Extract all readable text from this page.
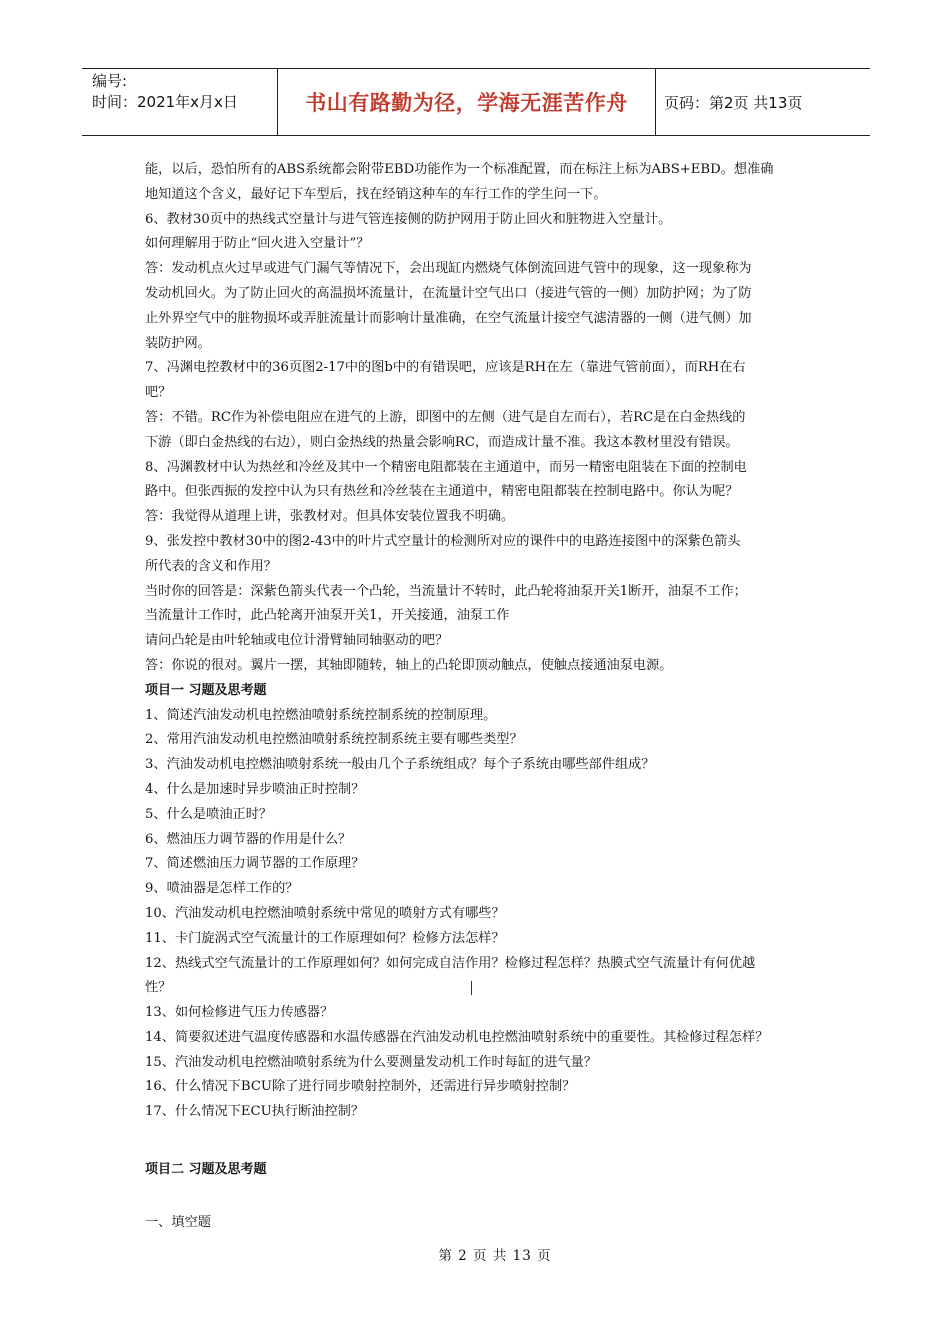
编号:
时间：2021年x月x日	书山有路勤为径，学海无涯苦作舟	页码：第2页 共13页

能，以后，恐怕所有的ABS系统都会附带EBD功能作为一个标准配置，而在标注上标为ABS+EBD。想准确

地知道这个含义，最好记下车型后，找在经销这种车的车行工作的学生问一下。

6、教材30页中的热线式空量计与进气管连接侧的防护网用于防止回火和脏物进入空量计。

如何理解用于防止“回火进入空量计”？

答：发动机点火过早或进气门漏气等情况下，会出现缸内燃烧气体倒流回进气管中的现象，这一现象称为

发动机回火。为了防止回火的高温损坏流量计，在流量计空气出口（接进气管的一侧）加防护网；为了防

止外界空气中的脏物损坏或弄脏流量计而影响计量准确，在空气流量计接空气滤清器的一侧（进气侧）加

装防护网。

7、冯渊电控教材中的36页图2-17中的图b中的有错误吧，应该是RH在左（靠进气管前面），而RH在右

吧？

答：不错。RC作为补偿电阻应在进气的上游，即图中的左侧（进气是自左而右），若RC是在白金热线的

下游（即白金热线的右边），则白金热线的热量会影响RC，而造成计量不准。我这本教材里没有错误。

8、冯渊教材中认为热丝和冷丝及其中一个精密电阻都装在主通道中，而另一精密电阻装在下面的控制电

路中。但张西振的发控中认为只有热丝和冷丝装在主通道中，精密电阻都装在控制电路中。你认为呢？

答：我觉得从道理上讲，张教材对。但具体安装位置我不明确。

9、张发控中教材30中的图2-43中的叶片式空量计的检测所对应的课件中的电路连接图中的深紫色箭头

所代表的含义和作用？

当时你的回答是：深紫色箭头代表一个凸轮，当流量计不转时，此凸轮将油泵开关1断开，油泵不工作；

当流量计工作时，此凸轮离开油泵开关1，开关接通，油泵工作

请问凸轮是由叶轮轴或电位计滑臂轴同轴驱动的吧？

答：你说的很对。翼片一摆，其轴即随转，轴上的凸轮即顶动触点，使触点接通油泵电源。

项目一 习题及思考题

1、简述汽油发动机电控燃油喷射系统控制系统的控制原理。

2、常用汽油发动机电控燃油喷射系统控制系统主要有哪些类型？

3、汽油发动机电控燃油喷射系统一般由几个子系统组成？每个子系统由哪些部件组成？

4、什么是加速时异步喷油正时控制？

5、什么是喷油正时？

6、燃油压力调节器的作用是什么？

7、简述燃油压力调节器的工作原理？

9、喷油器是怎样工作的？

10、汽油发动机电控燃油喷射系统中常见的喷射方式有哪些？

11、卡门旋涡式空气流量计的工作原理如何？检修方法怎样？

12、热线式空气流量计的工作原理如何？如何完成自洁作用？检修过程怎样？热膜式空气流量计有何优越

性？

13、如何检修进气压力传感器？

14、简要叙述进气温度传感器和水温传感器在汽油发动机电控燃油喷射系统中的重要性。其检修过程怎样？

15、汽油发动机电控燃油喷射系统为什么要测量发动机工作时每缸的进气量？

16、什么情况下BCU除了进行同步喷射控制外，还需进行异步喷射控制？

17、什么情况下ECU执行断油控制？

项目二 习题及思考题

一、填空题

第 2 页 共 13 页
